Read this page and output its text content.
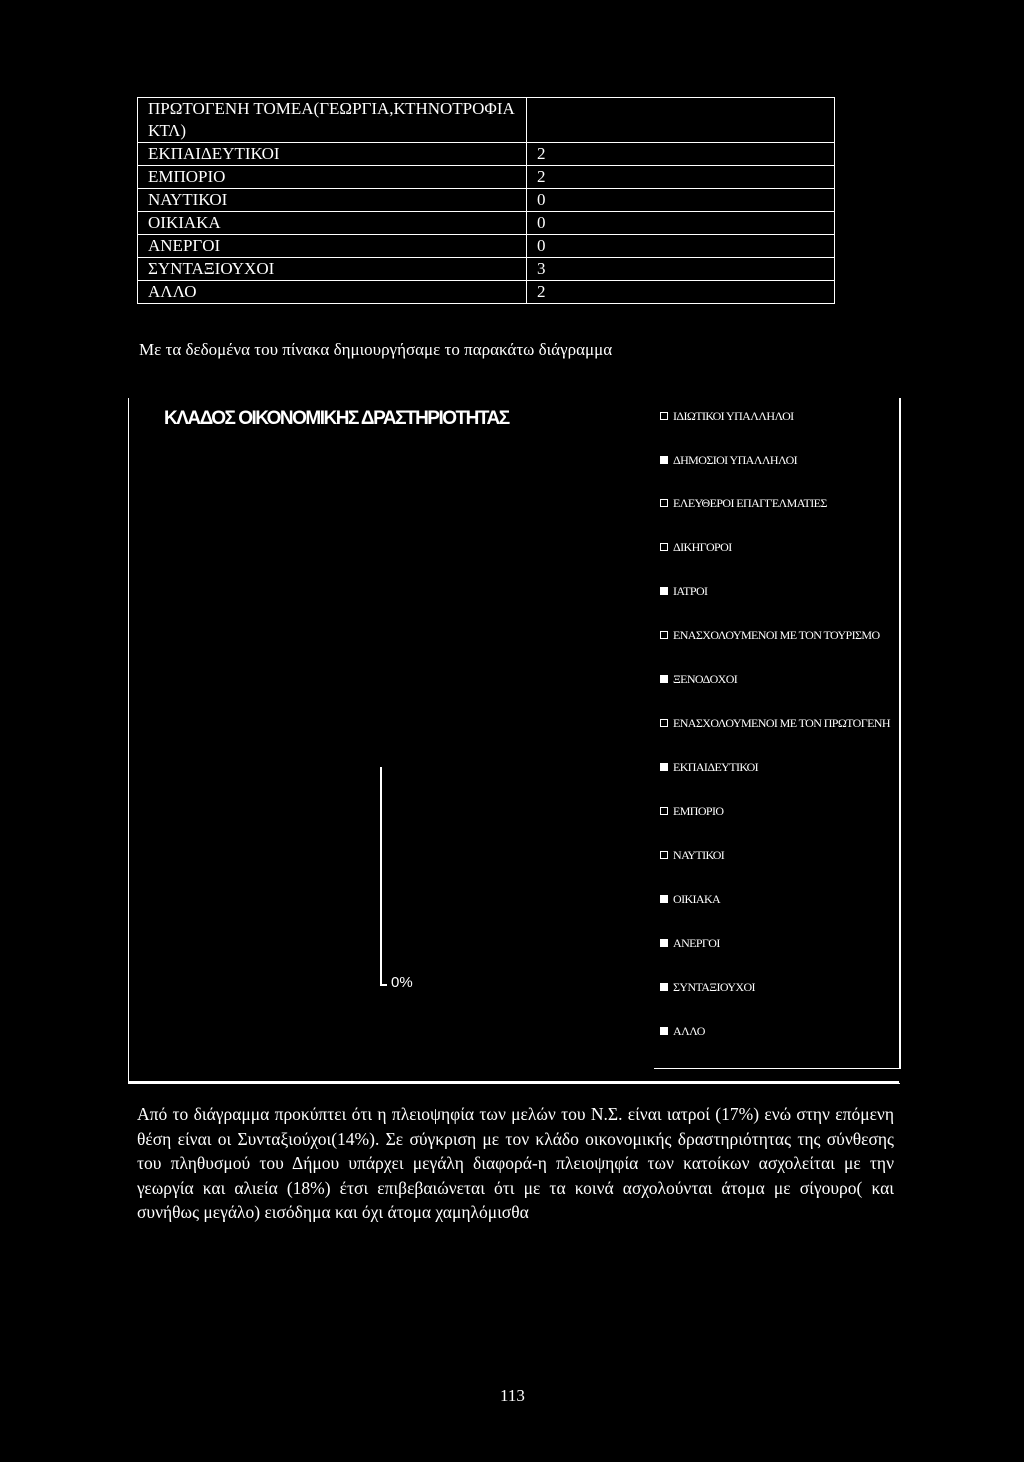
ΠΡΩΤΟΓΕΝΗ ΤΟΜΕΑ(ΓΕΩΡΓΙΑ,ΚΤΗΝΟΤΡΟΦΙΑ ΚΤΛ)	
ΕΚΠΑΙΔΕΥΤΙΚΟΙ	2
ΕΜΠΟΡΙΟ	2
ΝΑΥΤΙΚΟΙ	0
ΟΙΚΙΑΚΑ	0
ΑΝΕΡΓΟΙ	0
ΣΥΝΤΑΞΙΟΥΧΟΙ	3
ΑΛΛΟ	2

Με τα δεδομένα του πίνακα δημιουργήσαμε το παρακάτω διάγραμμα

ΚΛΑΔΟΣ ΟΙΚΟΝΟΜΙΚΗΣ ΔΡΑΣΤΗΡΙΟΤΗΤΑΣ

0%

ΙΔΙΩΤΙΚΟΙ ΥΠΑΛΛΗΛΟΙ
ΔΗΜΟΣΙΟΙ ΥΠΑΛΛΗΛΟΙ
ΕΛΕΥΘΕΡΟΙ ΕΠΑΓΓΕΛΜΑΤΙΕΣ
ΔΙΚΗΓΟΡΟΙ
ΙΑΤΡΟΙ
ΕΝΑΣΧΟΛΟΥΜΕΝΟΙ ΜΕ ΤΟΝ ΤΟΥΡΙΣΜΟ
ΞΕΝΟΔΟΧΟΙ
ΕΝΑΣΧΟΛΟΥΜΕΝΟΙ ΜΕ ΤΟΝ ΠΡΩΤΟΓΕΝΗ
ΕΚΠΑΙΔΕΥΤΙΚΟΙ
ΕΜΠΟΡΙΟ
ΝΑΥΤΙΚΟΙ
ΟΙΚΙΑΚΑ
ΑΝΕΡΓΟΙ
ΣΥΝΤΑΞΙΟΥΧΟΙ
ΑΛΛΟ

Από το διάγραμμα προκύπτει ότι η πλειοψηφία των μελών του Ν.Σ. είναι ιατροί (17%) ενώ στην επόμενη θέση είναι οι Συνταξιούχοι(14%). Σε σύγκριση με τον κλάδο οικονομικής δραστηριότητας της σύνθεσης του πληθυσμού του Δήμου υπάρχει μεγάλη διαφορά-η πλειοψηφία των κατοίκων ασχολείται με την γεωργία και αλιεία (18%) έτσι επιβεβαιώνεται ότι με τα κοινά ασχολούνται άτομα με σίγουρο( και συνήθως μεγάλο) εισόδημα και όχι άτομα χαμηλόμισθα

113
